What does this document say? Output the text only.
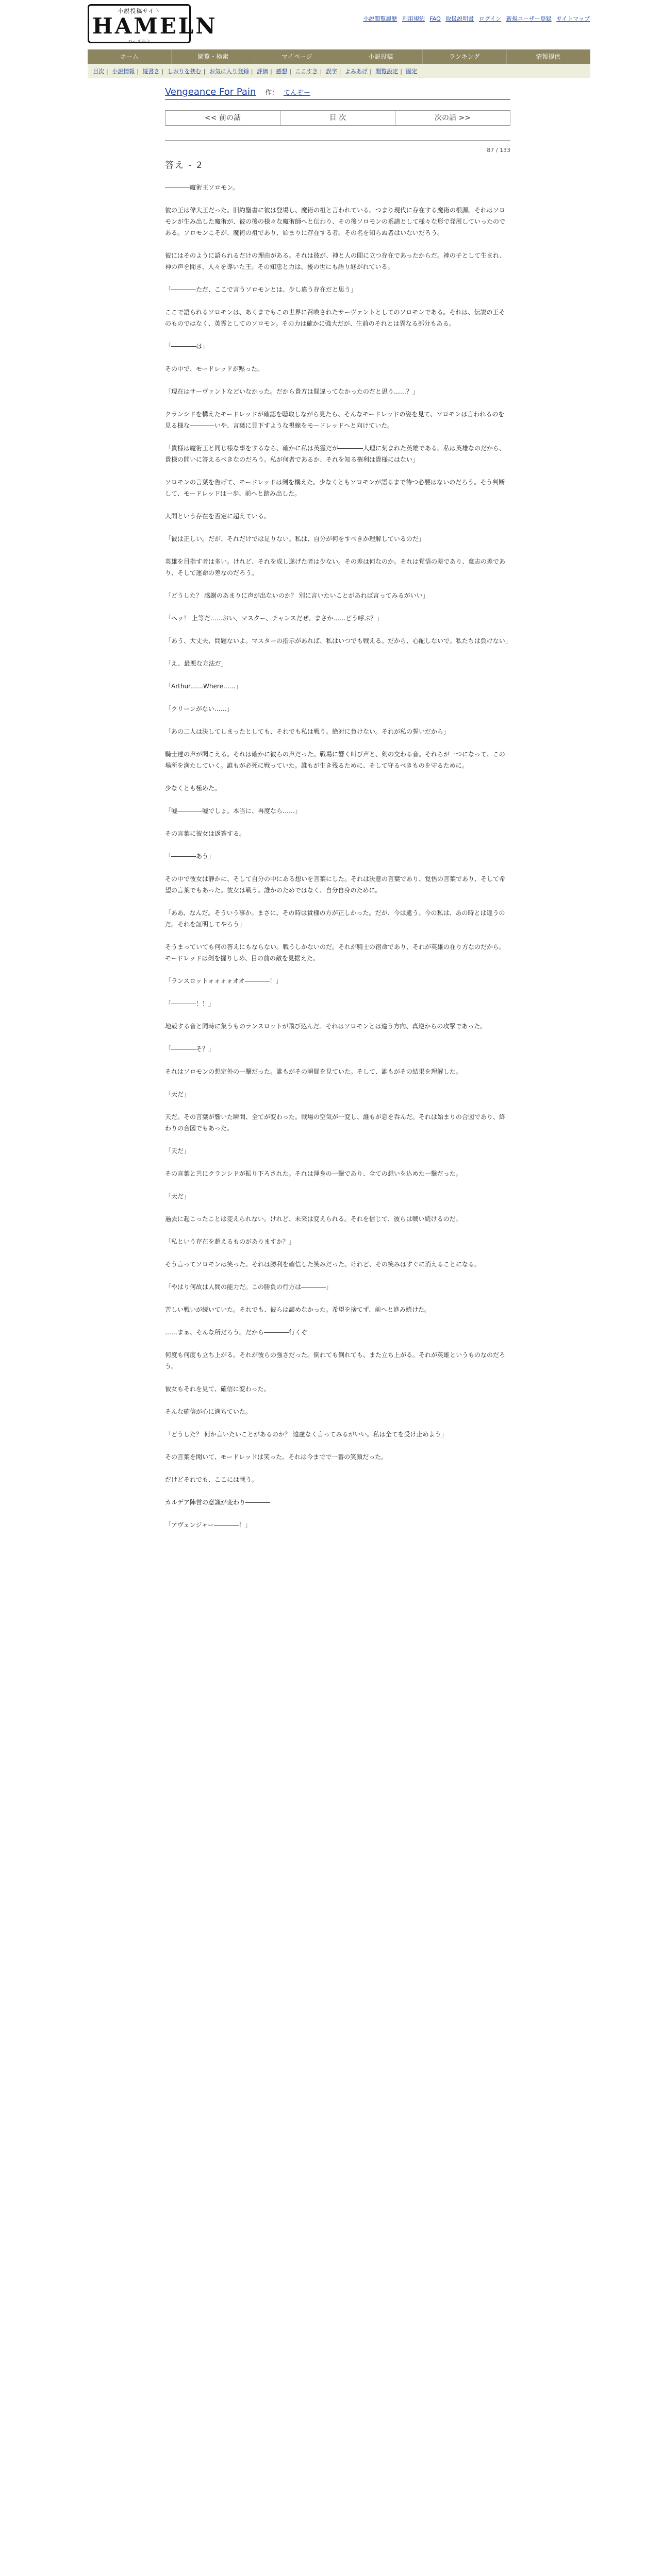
小説投稿サイト
HAMELN
ハーメルン
小説閲覧履歴 利用規約 FAQ 取扱説明書 ログイン 新規ユーザー登録 サイトマップ
ホーム	閲覧・検索	マイページ	小説投稿	ランキング	情報提供
目次 | 小説情報 | 縦書き | しおりを挟む | お気に入り登録 | 評価 | 感想 | ここすき | 誤字 | よみあげ | 閲覧設定 | 固定
Vengeance For Pain 作： てんぞー
<< 前の話	目 次	次の話 >>
87 / 133
答え - 2

――――魔術王ソロモン。

彼の王は偉大王だった。旧約聖書に彼は登場し、魔術の祖と言われている。つまり現代に存在する魔術の根源。それはソロモンが生み出した魔術が、彼の後の様々な魔術師へと伝わり、その後ソロモンの系譜として様々な形で発展していったのである。ソロモンこそが、魔術の祖であり、始まりに存在する者。その名を知らぬ者はいないだろう。

彼にはそのように語られるだけの理由がある。それは彼が、神と人の間に立つ存在であったからだ。神の子として生まれ、神の声を聞き、人々を導いた王。その知恵と力は、後の世にも語り継がれている。

「――――ただ、ここで言うソロモンとは、少し違う存在だと思う」

ここで語られるソロモンは、あくまでもこの世界に召喚されたサーヴァントとしてのソロモンである。それは、伝説の王そのものではなく、英霊としてのソロモン。その力は確かに強大だが、生前のそれとは異なる部分もある。

「――――は」

その中で、モードレッドが黙った。

「現在はサーヴァントなどいなかった。だから貴方は間違ってなかったのだと思う……？」

クランシドを構えたモードレッドが確認を聴取しながら見たら、そんなモードレッドの姿を見て、ソロモンは言われるのを見る様な――――いや、言葉に見下すような視線をモードレッドへと向けていた。

「貴様は魔術王と同じ様な事をするなら、確かに私は英霊だが――――人理に刻まれた英雄である。私は英雄なのだから、貴様の問いに答えるべきなのだろう。私が何者であるか、それを知る権利は貴様にはない」

ソロモンの言葉を告げて、モードレッドは剣を構えた。少なくともソロモンが語るまで待つ必要はないのだろう。そう判断して、モードレッドは一歩、前へと踏み出した。

人間という存在を否定に超えている。

「彼は正しい。だが、それだけでは足りない。私は、自分が何をすべきか理解しているのだ」

英雄を目指す者は多い。けれど、それを成し遂げた者は少ない。その差は何なのか。それは覚悟の差であり、意志の差であり、そして運命の差なのだろう。

「どうした？ 感謝のあまりに声が出ないのか？ 別に言いたいことがあれば言ってみるがいい」

「ヘッ！ 上等だ……おい、マスター、チャンスだぜ、まさか……どう呼ぶ？」

「あう、大丈夫、問題ないよ。マスターの指示があれば、私はいつでも戦える。だから、心配しないで。私たちは負けない」

「え、最悪な方法だ」

「Arthur……Where……」

「クリーンがない……」

「あの二人は決してしまったとしても、それでも私は戦う。絶対に負けない。それが私の誓いだから」

騎士達の声が聞こえる。それは確かに彼らの声だった。戦場に響く叫び声と、剣の交わる音。それらが一つになって、この場所を満たしていく。誰もが必死に戦っていた。誰もが生き残るために、そして守るべきものを守るために。

少なくとも極めた。

「嘘――――嘘でしょ。本当に、再度なら……」

その言葉に彼女は返答する。

「――――あう」

その中で彼女は静かに、そして自分の中にある想いを言葉にした。それは決意の言葉であり、覚悟の言葉であり、そして希望の言葉でもあった。彼女は戦う。誰かのためではなく、自分自身のために。

「ああ、なんだ。そういう事か。まさに、その時は貴様の方が正しかった。だが、今は違う。今の私は、あの時とは違うのだ。それを証明してやろう」

そうまっていても何の答えにもならない。戦うしかないのだ。それが騎士の宿命であり、それが英雄の在り方なのだから。モードレッドは剣を握りしめ、目の前の敵を見据えた。

「ランスロットォォォォオオ――――！」

「――――！！」

地殻する音と同時に集うものランスロットが飛び込んだ。それはソロモンとは違う方向、真逆からの攻撃であった。

「――――そ？」

それはソロモンの想定外の一撃だった。誰もがその瞬間を見ていた。そして、誰もがその結果を理解した。

「天だ」

天だ。その言葉が響いた瞬間、全てが変わった。戦場の空気が一変し、誰もが息を呑んだ。それは始まりの合図であり、終わりの合図でもあった。

「天だ」

その言葉と共にクランシドが振り下ろされた。それは渾身の一撃であり、全ての想いを込めた一撃だった。

「天だ」

過去に起こったことは変えられない。けれど、未来は変えられる。それを信じて、彼らは戦い続けるのだ。

「私という存在を超えるものがありますか？」

そう言ってソロモンは笑った。それは勝利を確信した笑みだった。けれど、その笑みはすぐに消えることになる。

「やはり何故は人間の能力だ。この勝負の行方は――――」

苦しい戦いが続いていた。それでも、彼らは諦めなかった。希望を捨てず、前へと進み続けた。

……まぁ、そんな所だろう。だから――――行くぞ

何度も何度も立ち上がる。それが彼らの強さだった。倒れても倒れても、また立ち上がる。それが英雄というものなのだろう。

彼女もそれを見て、確信に変わった。

そんな確信が心に満ちていた。

「どうした？ 何か言いたいことがあるのか？ 遠慮なく言ってみるがいい。私は全てを受け止めよう」

その言葉を聞いて、モードレッドは笑った。それは今までで一番の笑顔だった。

だけどそれでも、ここには戦う。

カルデア陣営の意識が変わり――――

「アヴェンジャー――――！」
